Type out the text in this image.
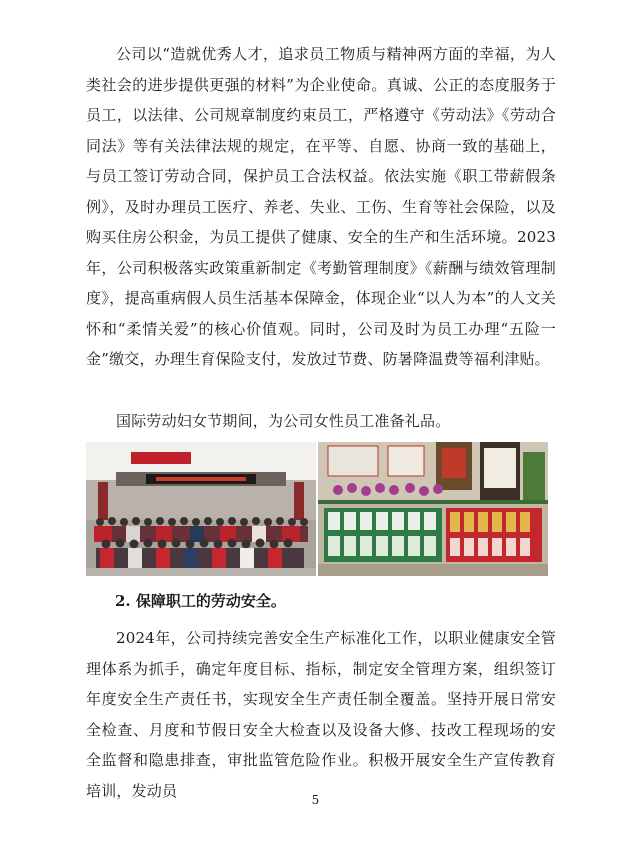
公司以“造就优秀人才，追求员工物质与精神两方面的幸福，为人类社会的进步提供更强的材料”为企业使命。真诚、公正的态度服务于员工，以法律、公司规章制度约束员工，严格遵守《劳动法》《劳动合同法》等有关法律法规的规定，在平等、自愿、协商一致的基础上，与员工签订劳动合同，保护员工合法权益。依法实施《职工带薪假条例》，及时办理员工医疗、养老、失业、工伤、生育等社会保险，以及购买住房公积金，为员工提供了健康、安全的生产和生活环境。2023年，公司积极落实政策重新制定《考勤管理制度》《薪酬与绩效管理制度》，提高重病假人员生活基本保障金，体现企业“以人为本”的人文关怀和“柔情关爱”的核心价值观。同时，公司及时为员工办理“五险一金”缴交，办理生育保险支付，发放过节费、防暑降温费等福利津贴。

国际劳动妇女节期间，为公司女性员工准备礼品。

2. 保障职工的劳动安全。

2024年，公司持续完善安全生产标准化工作，以职业健康安全管理体系为抓手，确定年度目标、指标，制定安全管理方案，组织签订年度安全生产责任书，实现安全生产责任制全覆盖。坚持开展日常安全检查、月度和节假日安全大检查以及设备大修、技改工程现场的安全监督和隐患排查，审批监管危险作业。积极开展安全生产宣传教育培训，发动员

5
